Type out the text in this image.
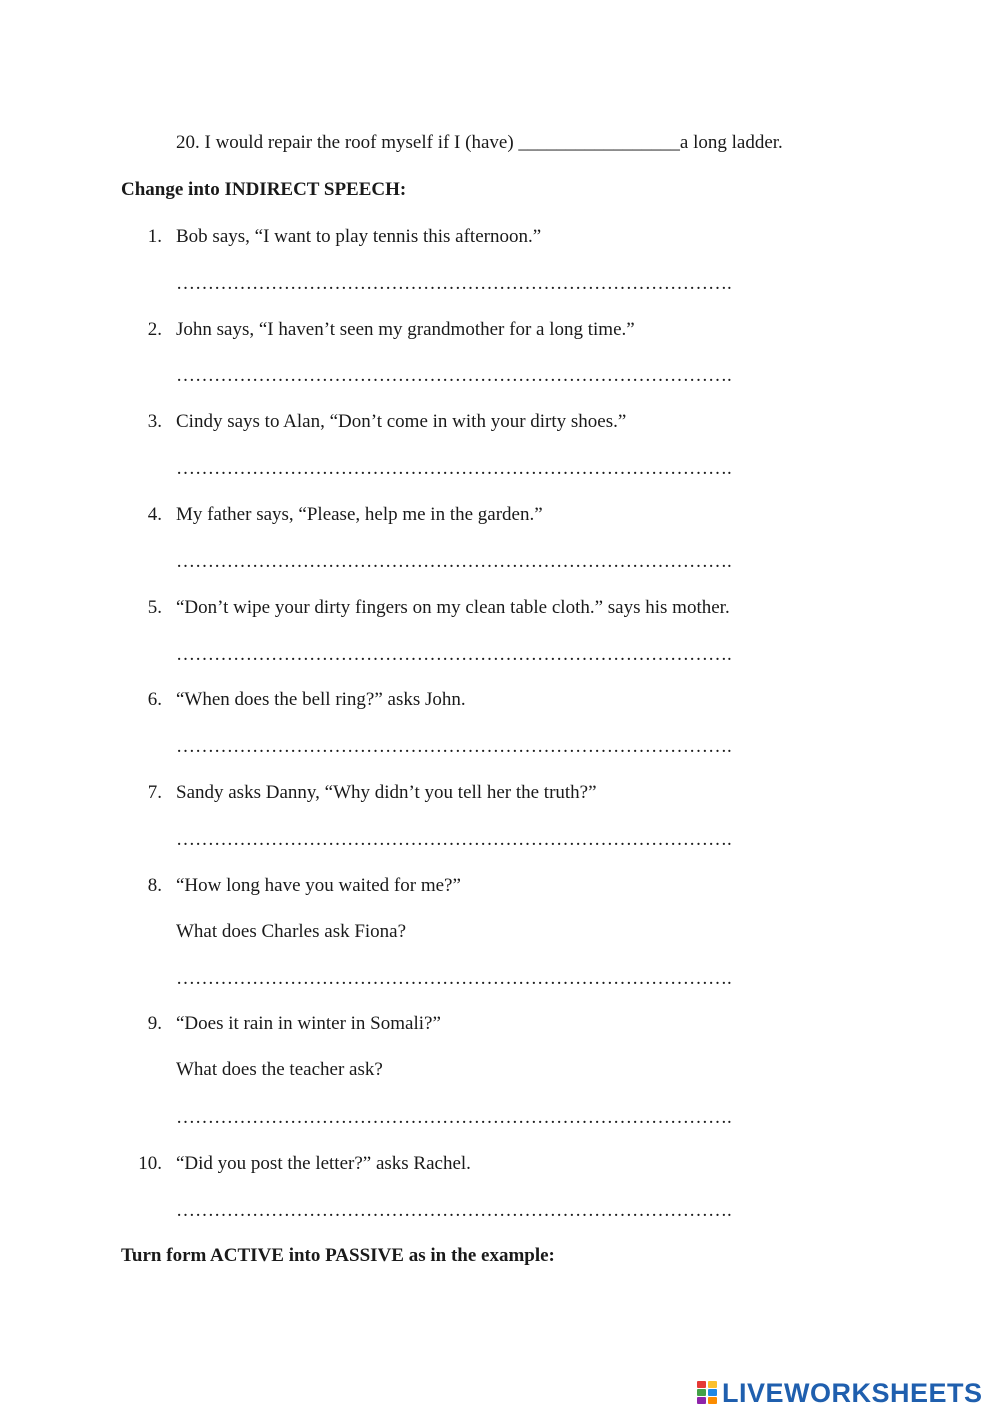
20. I would repair the roof myself if I (have) _________________a long ladder.
Change into INDIRECT SPEECH:
1. Bob says, “I want to play tennis this afternoon.”
…………………………………………………………………………….
2. John says, “I haven’t seen my grandmother for a long time.”
…………………………………………………………………………….
3. Cindy says to Alan, “Don’t come in with your dirty shoes.”
…………………………………………………………………………….
4. My father says, “Please, help me in the garden.”
…………………………………………………………………………….
5. “Don’t wipe your dirty fingers on my clean table cloth.” says his mother.
…………………………………………………………………………….
6. “When does the bell ring?” asks John.
…………………………………………………………………………….
7. Sandy asks Danny, “Why didn’t you tell her the truth?”
…………………………………………………………………………….
8. “How long have you waited for me?”
What does Charles ask Fiona?
…………………………………………………………………………….
9. “Does it rain in winter in Somali?”
What does the teacher ask?
…………………………………………………………………………….
10. “Did you post the letter?” asks Rachel.
…………………………………………………………………………….
Turn form ACTIVE into PASSIVE as in the example:
LIVEWORKSHEETS
